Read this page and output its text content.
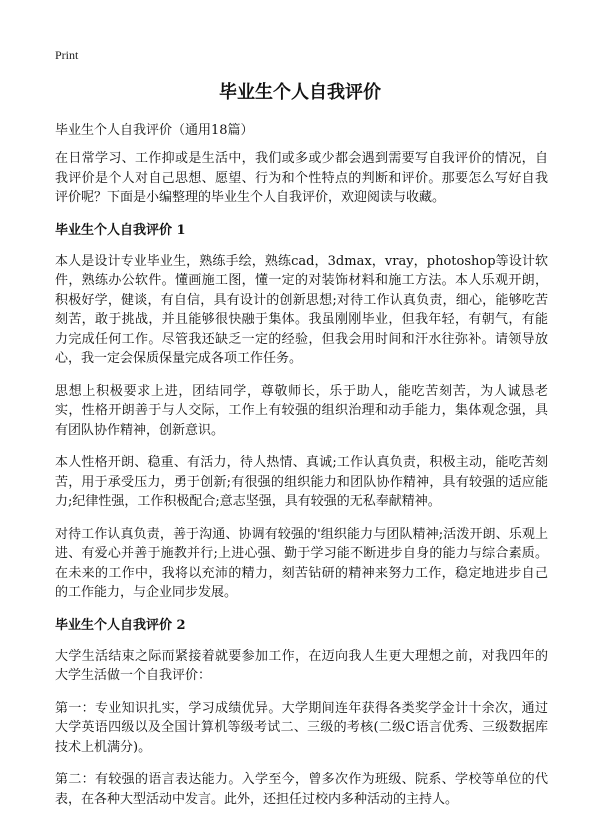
Print
毕业生个人自我评价
毕业生个人自我评价（通用18篇）

在日常学习、工作抑或是生活中，我们或多或少都会遇到需要写自我评价的情况，自我评价是个人对自己思想、愿望、行为和个性特点的判断和评价。那要怎么写好自我评价呢？下面是小编整理的毕业生个人自我评价，欢迎阅读与收藏。

毕业生个人自我评价 1

本人是设计专业毕业生，熟练手绘，熟练cad，3dmax，vray，photoshop等设计软件，熟练办公软件。懂画施工图，懂一定的对装饰材料和施工方法。本人乐观开朗，积极好学，健谈，有自信，具有设计的创新思想;对待工作认真负责，细心，能够吃苦刻苦，敢于挑战，并且能够很快融于集体。我虽刚刚毕业，但我年轻，有朝气，有能力完成任何工作。尽管我还缺乏一定的经验，但我会用时间和汗水往弥补。请领导放心，我一定会保质保量完成各项工作任务。

思想上积极要求上进，团结同学，尊敬师长，乐于助人，能吃苦刻苦，为人诚恳老实，性格开朗善于与人交际，工作上有较强的组织治理和动手能力，集体观念强，具有团队协作精神，创新意识。

本人性格开朗、稳重、有活力，待人热情、真诚;工作认真负责，积极主动，能吃苦刻苦，用于承受压力，勇于创新;有很强的组织能力和团队协作精神，具有较强的适应能力;纪律性强，工作积极配合;意志坚强，具有较强的无私奉献精神。

对待工作认真负责，善于沟通、协调有较强的'组织能力与团队精神;活泼开朗、乐观上进、有爱心并善于施教并行;上进心强、勤于学习能不断进步自身的能力与综合素质。在未来的工作中，我将以充沛的精力，刻苦钻研的精神来努力工作，稳定地进步自己的工作能力，与企业同步发展。

毕业生个人自我评价 2

大学生活结束之际而紧接着就要参加工作，在迈向我人生更大理想之前，对我四年的大学生活做一个自我评价：

第一：专业知识扎实，学习成绩优异。大学期间连年获得各类奖学金计十余次，通过大学英语四级以及全国计算机等级考试二、三级的考核(二级C语言优秀、三级数据库技术上机满分)。

第二：有较强的语言表达能力。入学至今，曾多次作为班级、院系、学校等单位的代表，在各种大型活动中发言。此外，还担任过校内多种活动的主持人。
